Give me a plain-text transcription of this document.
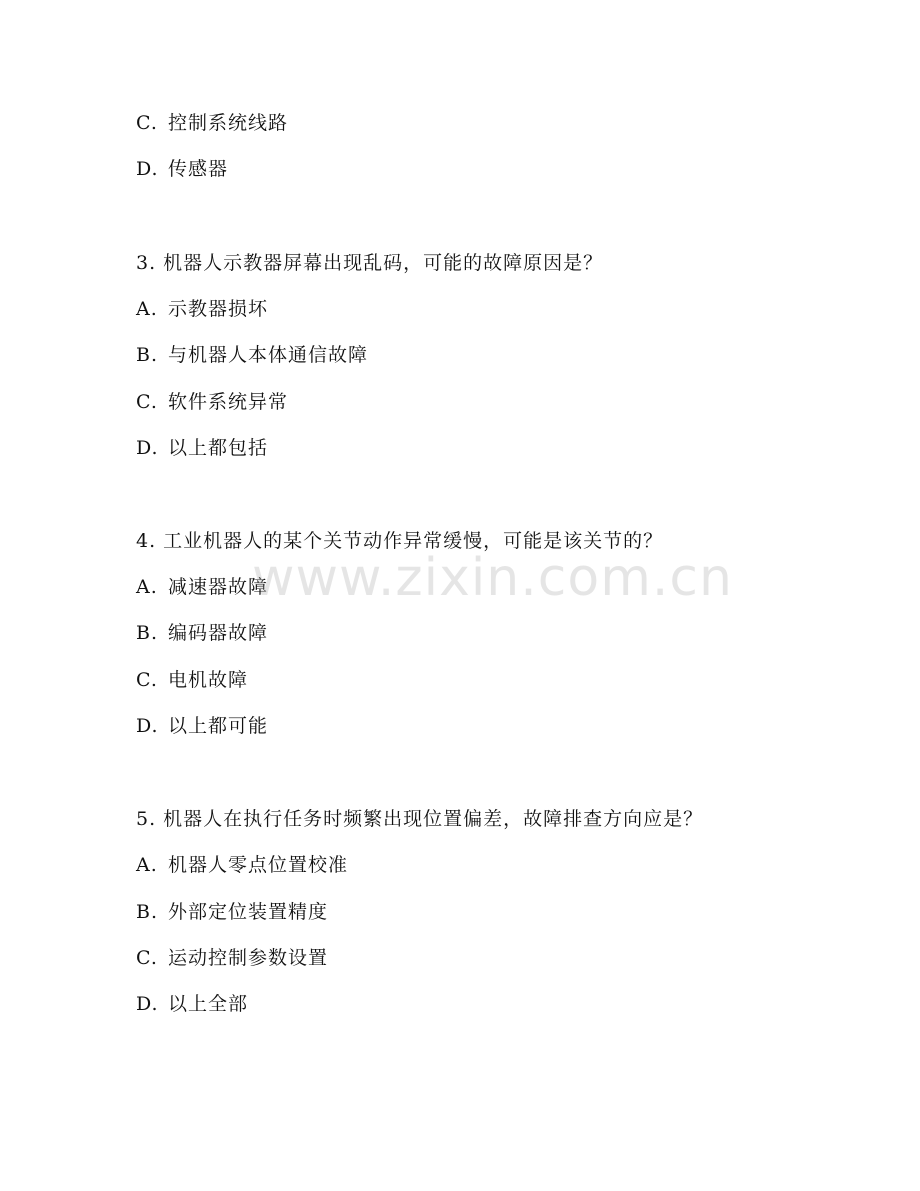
C. 控制系统线路
D. 传感器
3. 机器人示教器屏幕出现乱码，可能的故障原因是？
A. 示教器损坏
B. 与机器人本体通信故障
C. 软件系统异常
D. 以上都包括
4. 工业机器人的某个关节动作异常缓慢，可能是该关节的？
A. 减速器故障
B. 编码器故障
C. 电机故障
D. 以上都可能
5. 机器人在执行任务时频繁出现位置偏差，故障排查方向应是？
A. 机器人零点位置校准
B. 外部定位装置精度
C. 运动控制参数设置
D. 以上全部
www.zixin.com.cn
